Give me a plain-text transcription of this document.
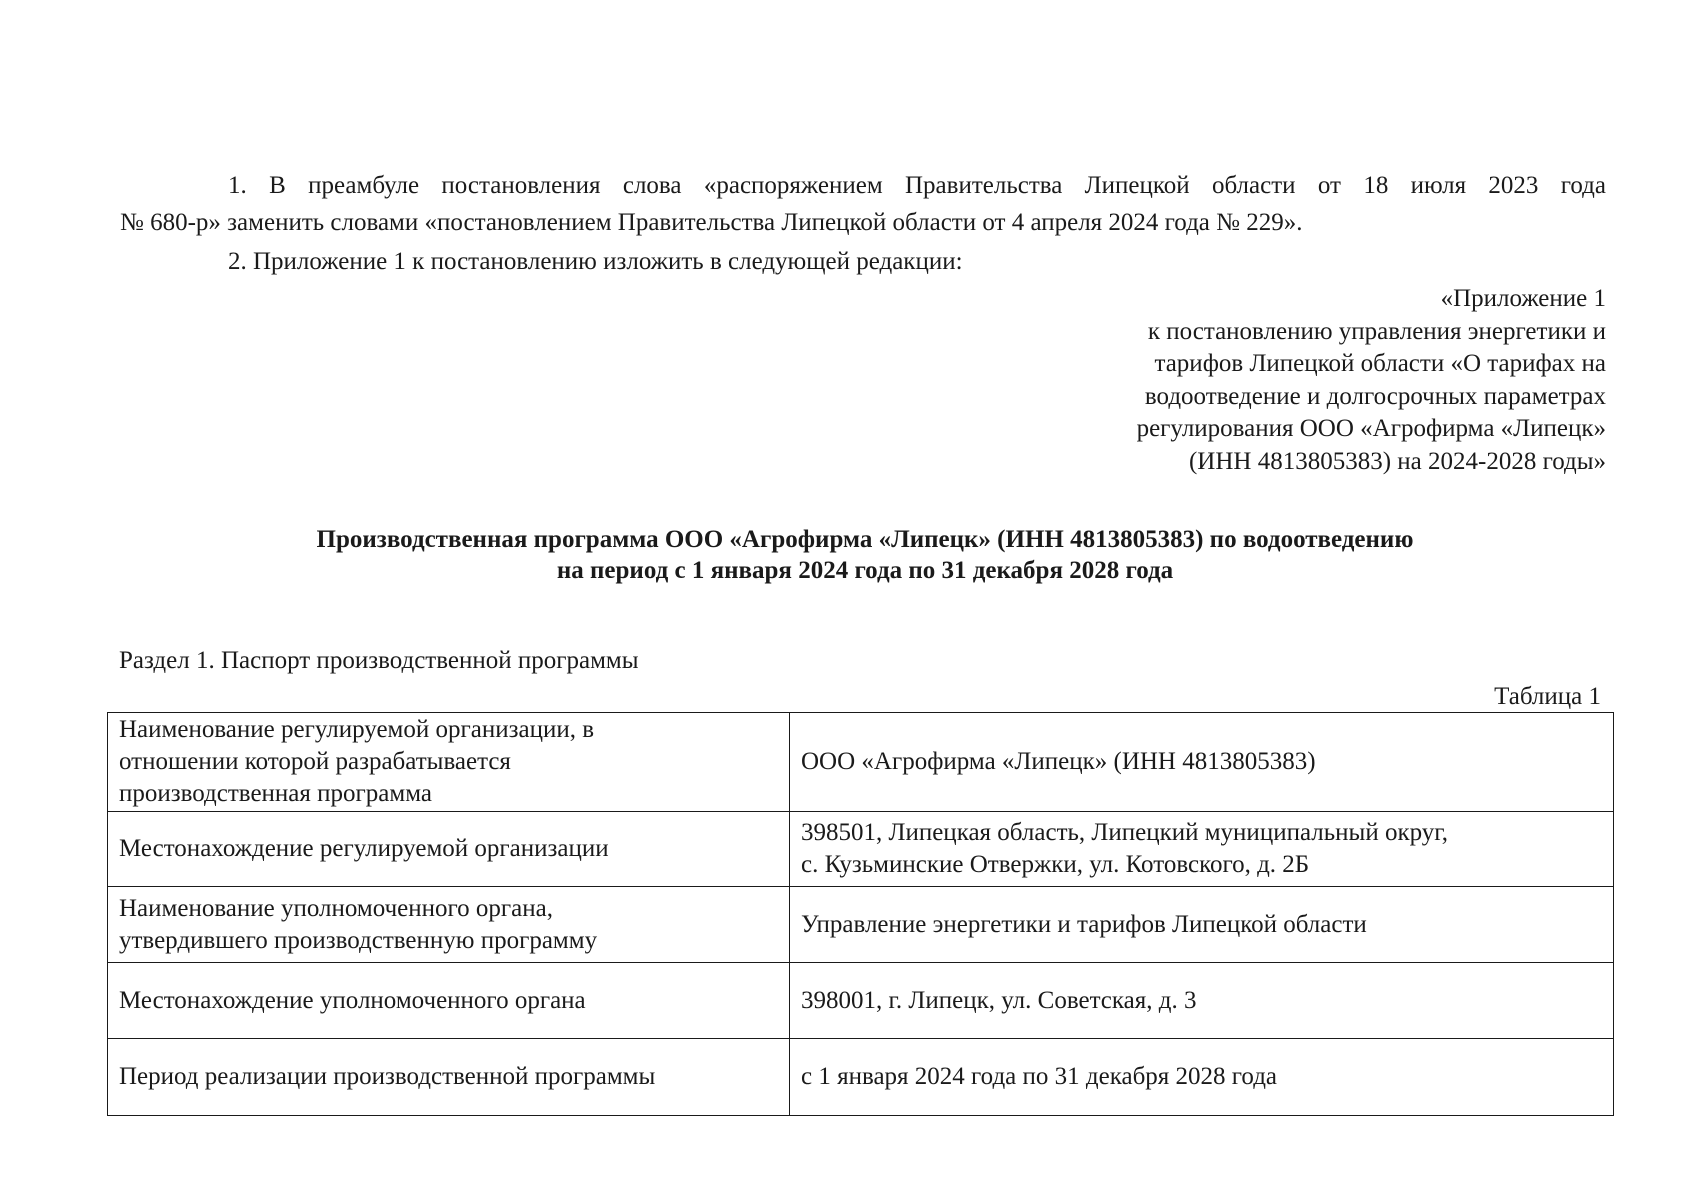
1. В преамбуле постановления слова «распоряжением Правительства Липецкой области от 18 июля 2023 года
№ 680-р» заменить словами «постановлением Правительства Липецкой области от 4 апреля 2024 года № 229».
2. Приложение 1 к постановлению изложить в следующей редакции:
«Приложение 1
к постановлению управления энергетики и
тарифов Липецкой области «О тарифах на
водоотведение и долгосрочных параметрах
регулирования ООО «Агрофирма «Липецк»
(ИНН 4813805383) на 2024-2028 годы»
Производственная программа ООО «Агрофирма «Липецк» (ИНН 4813805383) по водоотведению
на период с 1 января 2024 года по 31 декабря 2028 года
Раздел 1. Паспорт производственной программы
Таблица 1
Наименование регулируемой организации, в
отношении которой разрабатывается
производственная программа	ООО «Агрофирма «Липецк» (ИНН 4813805383)

Местонахождение регулируемой организации	398501, Липецкая область, Липецкий муниципальный округ,
с. Кузьминские Отвержки, ул. Котовского, д. 2Б

Наименование уполномоченного органа,
утвердившего производственную программу	Управление энергетики и тарифов Липецкой области

Местонахождение уполномоченного органа	398001, г. Липецк, ул. Советская, д. 3

Период реализации производственной программы	с 1 января 2024 года по 31 декабря 2028 года
